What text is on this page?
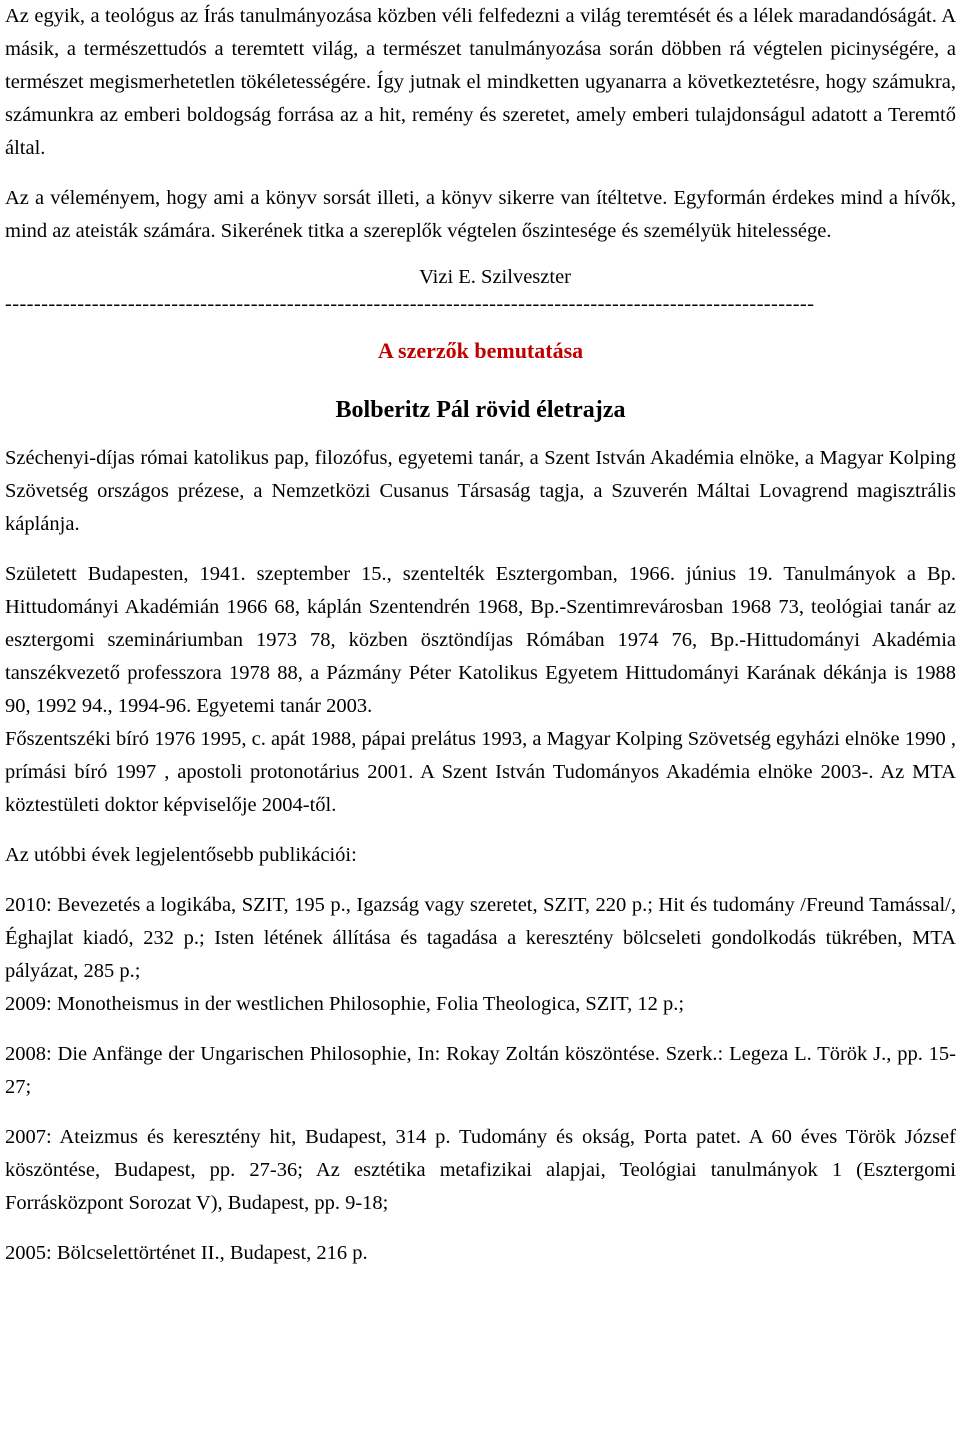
Az egyik, a teológus az Írás tanulmányozása közben véli felfedezni a világ teremtését és a lélek maradandóságát. A másik, a természettudós a teremtett világ, a természet tanulmányozása során döbben rá végtelen picinységére, a természet megismerhetetlen tökéletességére. Így jutnak el mindketten ugyanarra a következtetésre, hogy számukra, számunkra az emberi boldogság forrása az a hit, remény és szeretet, amely emberi tulajdonságul adatott a Teremtő által.

Az a véleményem, hogy ami a könyv sorsát illeti, a könyv sikerre van ítéltetve. Egyformán érdekes mind a hívők, mind az ateisták számára. Sikerének titka a szereplők végtelen őszintesége és személyük hitelessége.

Vizi E. Szilveszter

----------------------------------------------------------------------------------------------------------------

A szerzők bemutatása
Bolberitz Pál rövid életrajza

Széchenyi-díjas római katolikus pap, filozófus, egyetemi tanár, a Szent István Akadémia elnöke, a Magyar Kolping Szövetség országos prézese, a Nemzetközi Cusanus Társaság tagja, a Szuverén Máltai Lovagrend magisztrális káplánja.

Született Budapesten, 1941. szeptember 15., szentelték Esztergomban, 1966. június 19. Tanulmányok a Bp. Hittudományi Akadémián 1966 68, káplán Szentendrén 1968, Bp.-Szentimrevárosban 1968 73, teológiai tanár az esztergomi szemináriumban 1973 78, közben ösztöndíjas Rómában 1974 76, Bp.-Hittudományi Akadémia tanszékvezető professzora 1978 88, a Pázmány Péter Katolikus Egyetem Hittudományi Karának dékánja is 1988 90, 1992 94., 1994-96. Egyetemi tanár 2003.

Főszentszéki bíró 1976 1995, c. apát 1988, pápai prelátus 1993, a Magyar Kolping Szövetség egyházi elnöke 1990 , prímási bíró 1997 , apostoli protonotárius 2001. A Szent István Tudományos Akadémia elnöke 2003-. Az MTA köztestületi doktor képviselője 2004-től.

Az utóbbi évek legjelentősebb publikációi:

2010: Bevezetés a logikába, SZIT, 195 p., Igazság vagy szeretet, SZIT, 220 p.; Hit és tudomány /Freund Tamással/, Éghajlat kiadó, 232 p.; Isten létének állítása és tagadása a keresztény bölcseleti gondolkodás tükrében, MTA pályázat, 285 p.;

2009: Monotheismus in der westlichen Philosophie, Folia Theologica, SZIT, 12 p.;

2008: Die Anfänge der Ungarischen Philosophie, In: Rokay Zoltán köszöntése. Szerk.: Legeza L. Török J., pp. 15-27;

2007: Ateizmus és keresztény hit, Budapest, 314 p. Tudomány és okság, Porta patet. A 60 éves Török József köszöntése, Budapest, pp. 27-36; Az esztétika metafizikai alapjai, Teológiai tanulmányok 1 (Esztergomi Forrásközpont Sorozat V), Budapest, pp. 9-18;

2005: Bölcselettörténet II., Budapest, 216 p.
